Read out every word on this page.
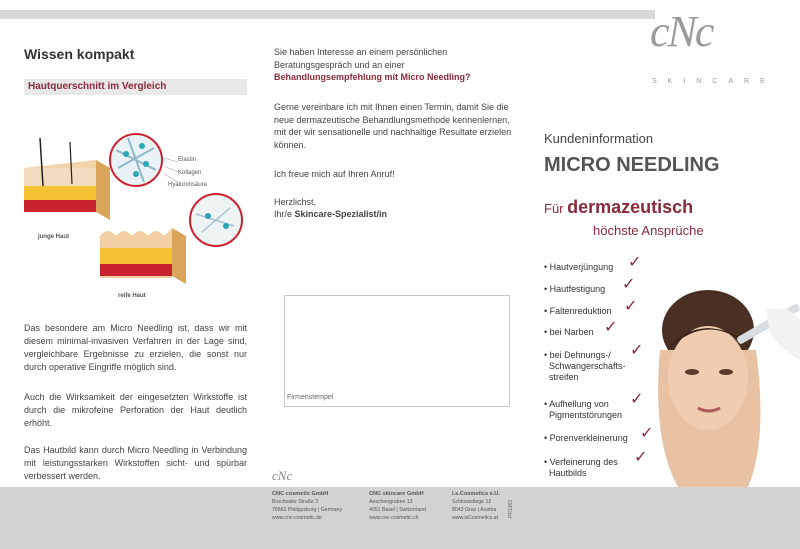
Wissen kompakt
Hautquerschnitt im Vergleich
Elastin
Kollagen
Hyaluronsäure
junge Haut
reife Haut
Das besondere am Micro Needling ist, dass wir mit diesem minimal-invasiven Verfahren in der Lage sind, vergleichbare Ergebnisse zu erzielen, die sonst nur durch operative Eingriffe möglich sind.
Auch die Wirksamkeit der eingesetzten Wirkstoffe ist durch die mikrofeine Perforation der Haut deutlich erhöht.
Das Hautbild kann durch Micro Needling in Verbindung mit leistungsstarken Wirkstoffen sicht- und spürbar verbessert werden.
Sie haben Interesse an einem persönlichen Beratungsgespräch und an einer Behandlungsempfehlung mit Micro Needling?
Gerne vereinbare ich mit Ihnen einen Termin, damit Sie die neue dermazeutische Behandlungsmethode kennenlernen, mit der wir sensationelle und nachhaltige Resultate erzielen können.
Ich freue mich auf Ihren Anruf!
Herzlichst,
Ihr/e Skincare-Spezialist/in
Firmenstempel
cNc
CNC cosmetic GmbH
Bruchsaler Straße 3
76661 Philippsburg | Germany
www.cnc-cosmetic.de
CNC skincare GmbH
Aeschengraben 13
4051 Basel | Switzerland
www.cnc-cosmetic.ch
i.s.Cosmetics e.U.
Schlossstiege 12
8043 Graz | Austria
www.isCosmetics.at	PR1363
cNc
SKINCARE
Kundeninformation
MICRO NEEDLING
Für dermazeutisch
höchste Ansprüche
• Hautverjüngung ✓
• Hautfestigung ✓
• Faltenreduktion ✓
• bei Narben ✓
• bei Dehnungs-/
Schwangerschafts-
streifen
✓
• Aufhellung von
Pigmentstörungen
✓
• Porenverkleinerung ✓
• Verfeinerung des
Hautbilds
✓
